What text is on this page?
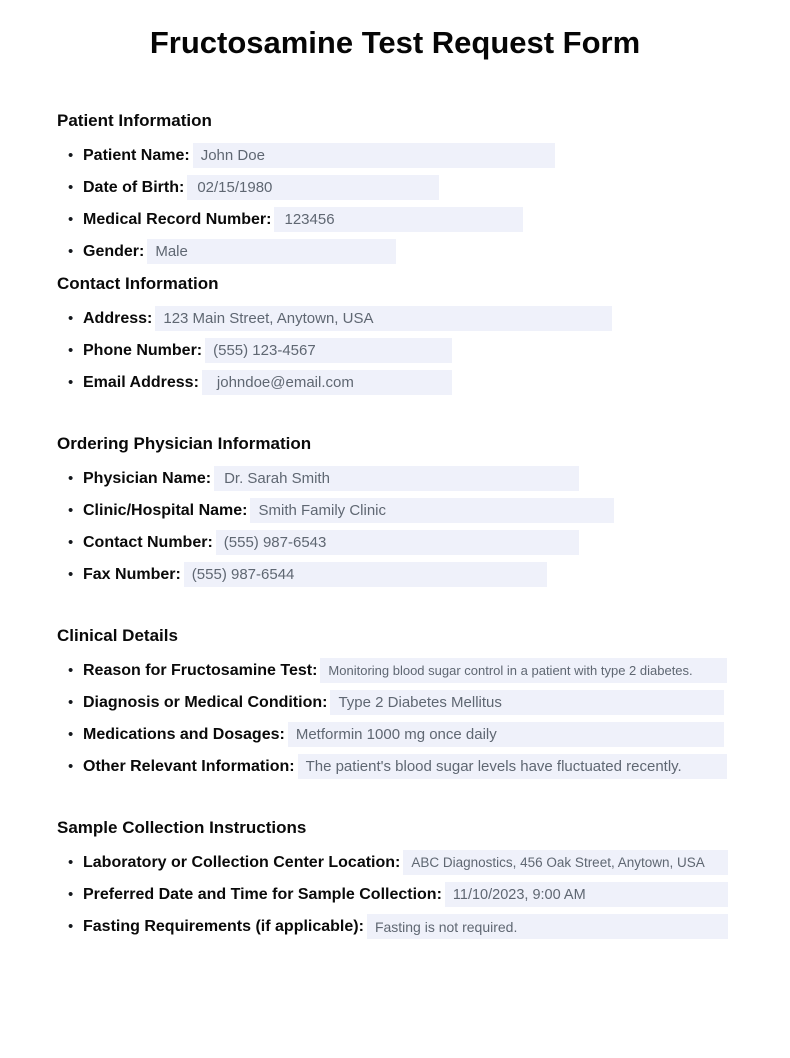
Fructosamine Test Request Form
Patient Information
• Patient Name: John Doe
• Date of Birth: 02/15/1980
• Medical Record Number: 123456
• Gender: Male
Contact Information
• Address: 123 Main Street, Anytown, USA
• Phone Number: (555) 123-4567
• Email Address:	johndoe@email.com
Ordering Physician Information
• Physician Name: Dr. Sarah Smith
• Clinic/Hospital Name: Smith Family Clinic
• Contact Number: (555) 987-6543
• Fax Number: (555) 987-6544
Clinical Details
• Reason for Fructosamine Test: Monitoring blood sugar control in a patient with type 2 diabetes.
• Diagnosis or Medical Condition: Type 2 Diabetes Mellitus
• Medications and Dosages: Metformin 1000 mg once daily
• Other Relevant Information: The patient's blood sugar levels have fluctuated recently.
Sample Collection Instructions
• Laboratory or Collection Center Location: ABC Diagnostics, 456 Oak Street, Anytown, USA
• Preferred Date and Time for Sample Collection: 11/10/2023, 9:00 AM
• Fasting Requirements (if applicable): Fasting is not required.
